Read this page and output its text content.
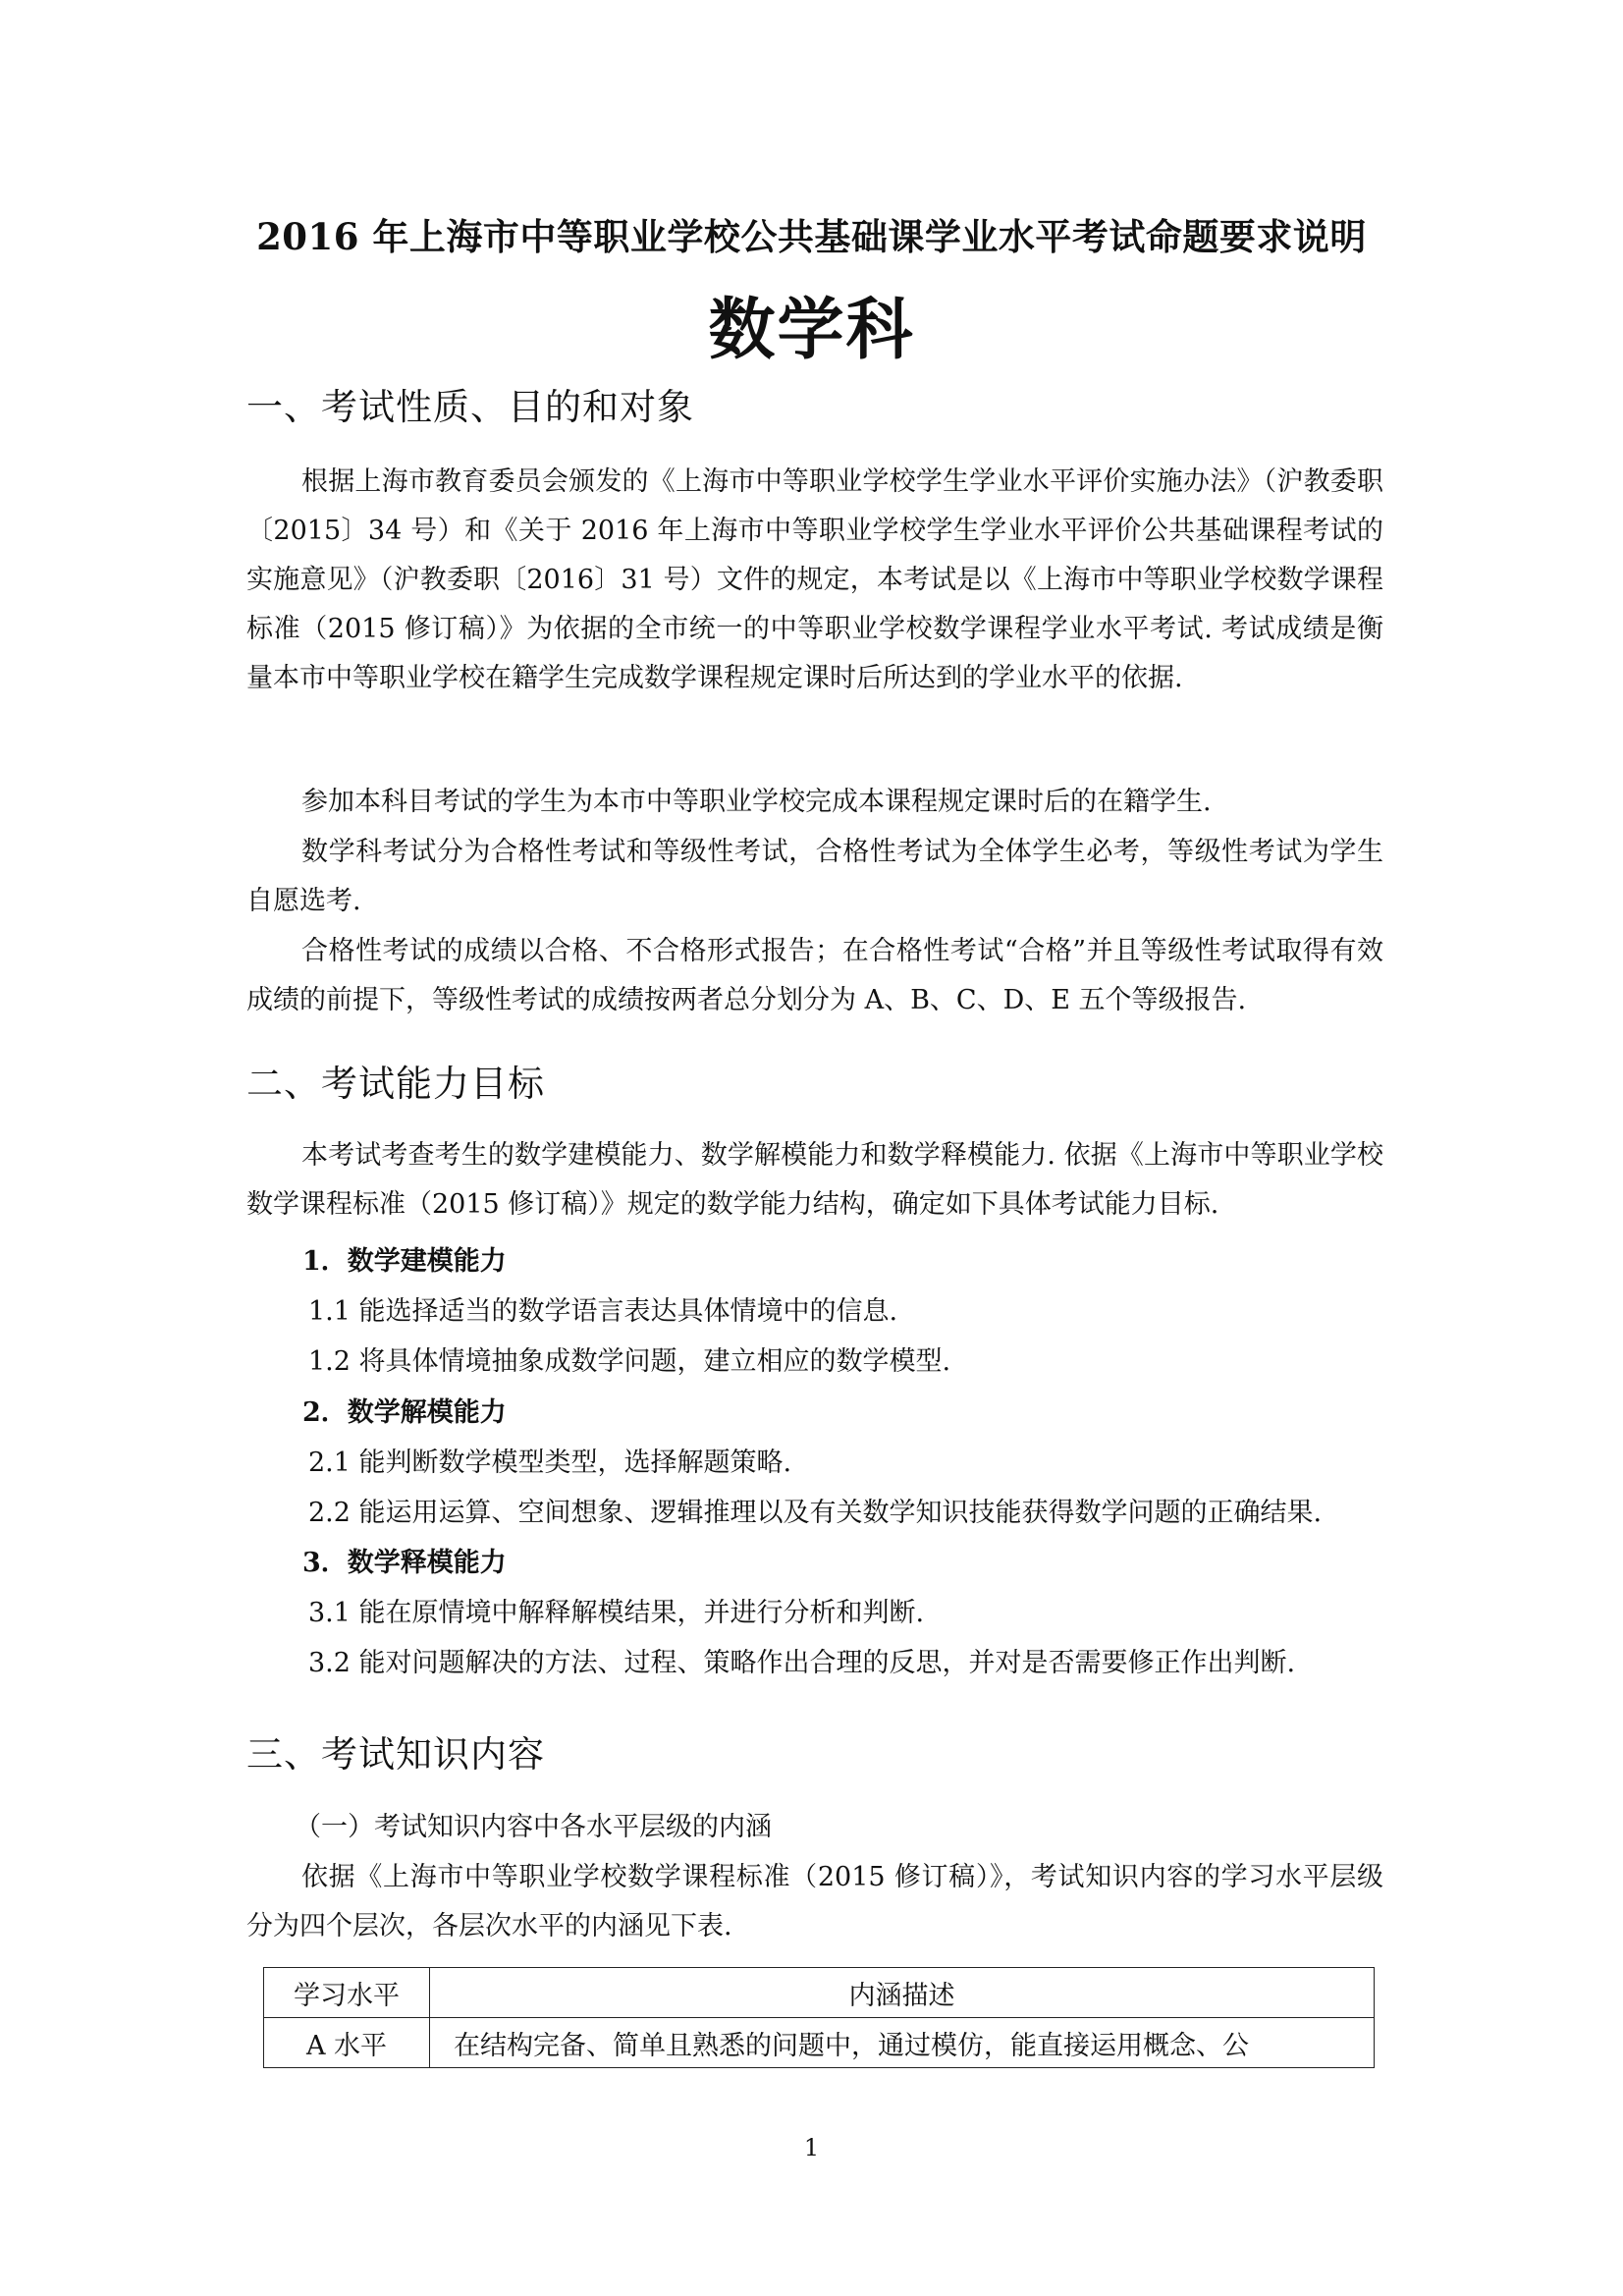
2016 年上海市中等职业学校公共基础课学业水平考试命题要求说明
数学科
一、考试性质、目的和对象
根据上海市教育委员会颁发的《上海市中等职业学校学生学业水平评价实施办法》（沪教委职〔2015〕34 号）和《关于 2016 年上海市中等职业学校学生学业水平评价公共基础课程考试的实施意见》（沪教委职〔2016〕31 号）文件的规定，本考试是以《上海市中等职业学校数学课程标准（2015 修订稿）》为依据的全市统一的中等职业学校数学课程学业水平考试. 考试成绩是衡量本市中等职业学校在籍学生完成数学课程规定课时后所达到的学业水平的依据.
参加本科目考试的学生为本市中等职业学校完成本课程规定课时后的在籍学生.
数学科考试分为合格性考试和等级性考试，合格性考试为全体学生必考，等级性考试为学生自愿选考.
合格性考试的成绩以合格、不合格形式报告；在合格性考试“合格”并且等级性考试取得有效成绩的前提下，等级性考试的成绩按两者总分划分为 A、B、C、D、E 五个等级报告.
二、考试能力目标
本考试考查考生的数学建模能力、数学解模能力和数学释模能力. 依据《上海市中等职业学校数学课程标准（2015 修订稿）》规定的数学能力结构，确定如下具体考试能力目标.
1．数学建模能力
1.1 能选择适当的数学语言表达具体情境中的信息.
1.2 将具体情境抽象成数学问题，建立相应的数学模型.
2．数学解模能力
2.1 能判断数学模型类型，选择解题策略.
2.2 能运用运算、空间想象、逻辑推理以及有关数学知识技能获得数学问题的正确结果.
3．数学释模能力
3.1 能在原情境中解释解模结果，并进行分析和判断.
3.2 能对问题解决的方法、过程、策略作出合理的反思，并对是否需要修正作出判断.
三、考试知识内容
（一）考试知识内容中各水平层级的内涵
依据《上海市中等职业学校数学课程标准（2015 修订稿）》，考试知识内容的学习水平层级分为四个层次，各层次水平的内涵见下表.
学习水平	内涵描述
A 水平	在结构完备、简单且熟悉的问题中，通过模仿，能直接运用概念、公
1
